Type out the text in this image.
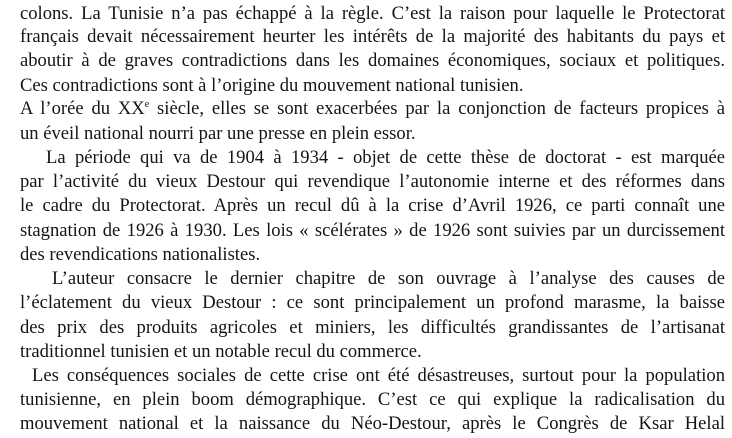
colons. La Tunisie n’a pas échappé à la règle. C’est la raison pour laquelle le Protectorat
français devait nécessairement heurter les intérêts de la majorité des habitants du pays et
aboutir à de graves contradictions dans les domaines économiques, sociaux et politiques.
Ces contradictions sont à l’origine du mouvement national tunisien.
A l’orée du XXe siècle, elles se sont exacerbées par la conjonction de facteurs propices à
un éveil national nourri par une presse en plein essor.
La période qui va de 1904 à 1934 - objet de cette thèse de doctorat - est marquée
par l’activité du vieux Destour qui revendique l’autonomie interne et des réformes dans
le cadre du Protectorat. Après un recul dû à la crise d’Avril 1926, ce parti connaît une
stagnation de 1926 à 1930. Les lois « scélérates » de 1926 sont suivies par un durcissement
des revendications nationalistes.
L’auteur consacre le dernier chapitre de son ouvrage à l’analyse des causes de
l’éclatement du vieux Destour : ce sont principalement un profond marasme, la baisse
des prix des produits agricoles et miniers, les difficultés grandissantes de l’artisanat
traditionnel tunisien et un notable recul du commerce.
Les conséquences sociales de cette crise ont été désastreuses, surtout pour la population
tunisienne, en plein boom démographique. C’est ce qui explique la radicalisation du
mouvement national et la naissance du Néo-Destour, après le Congrès de Ksar Helal
